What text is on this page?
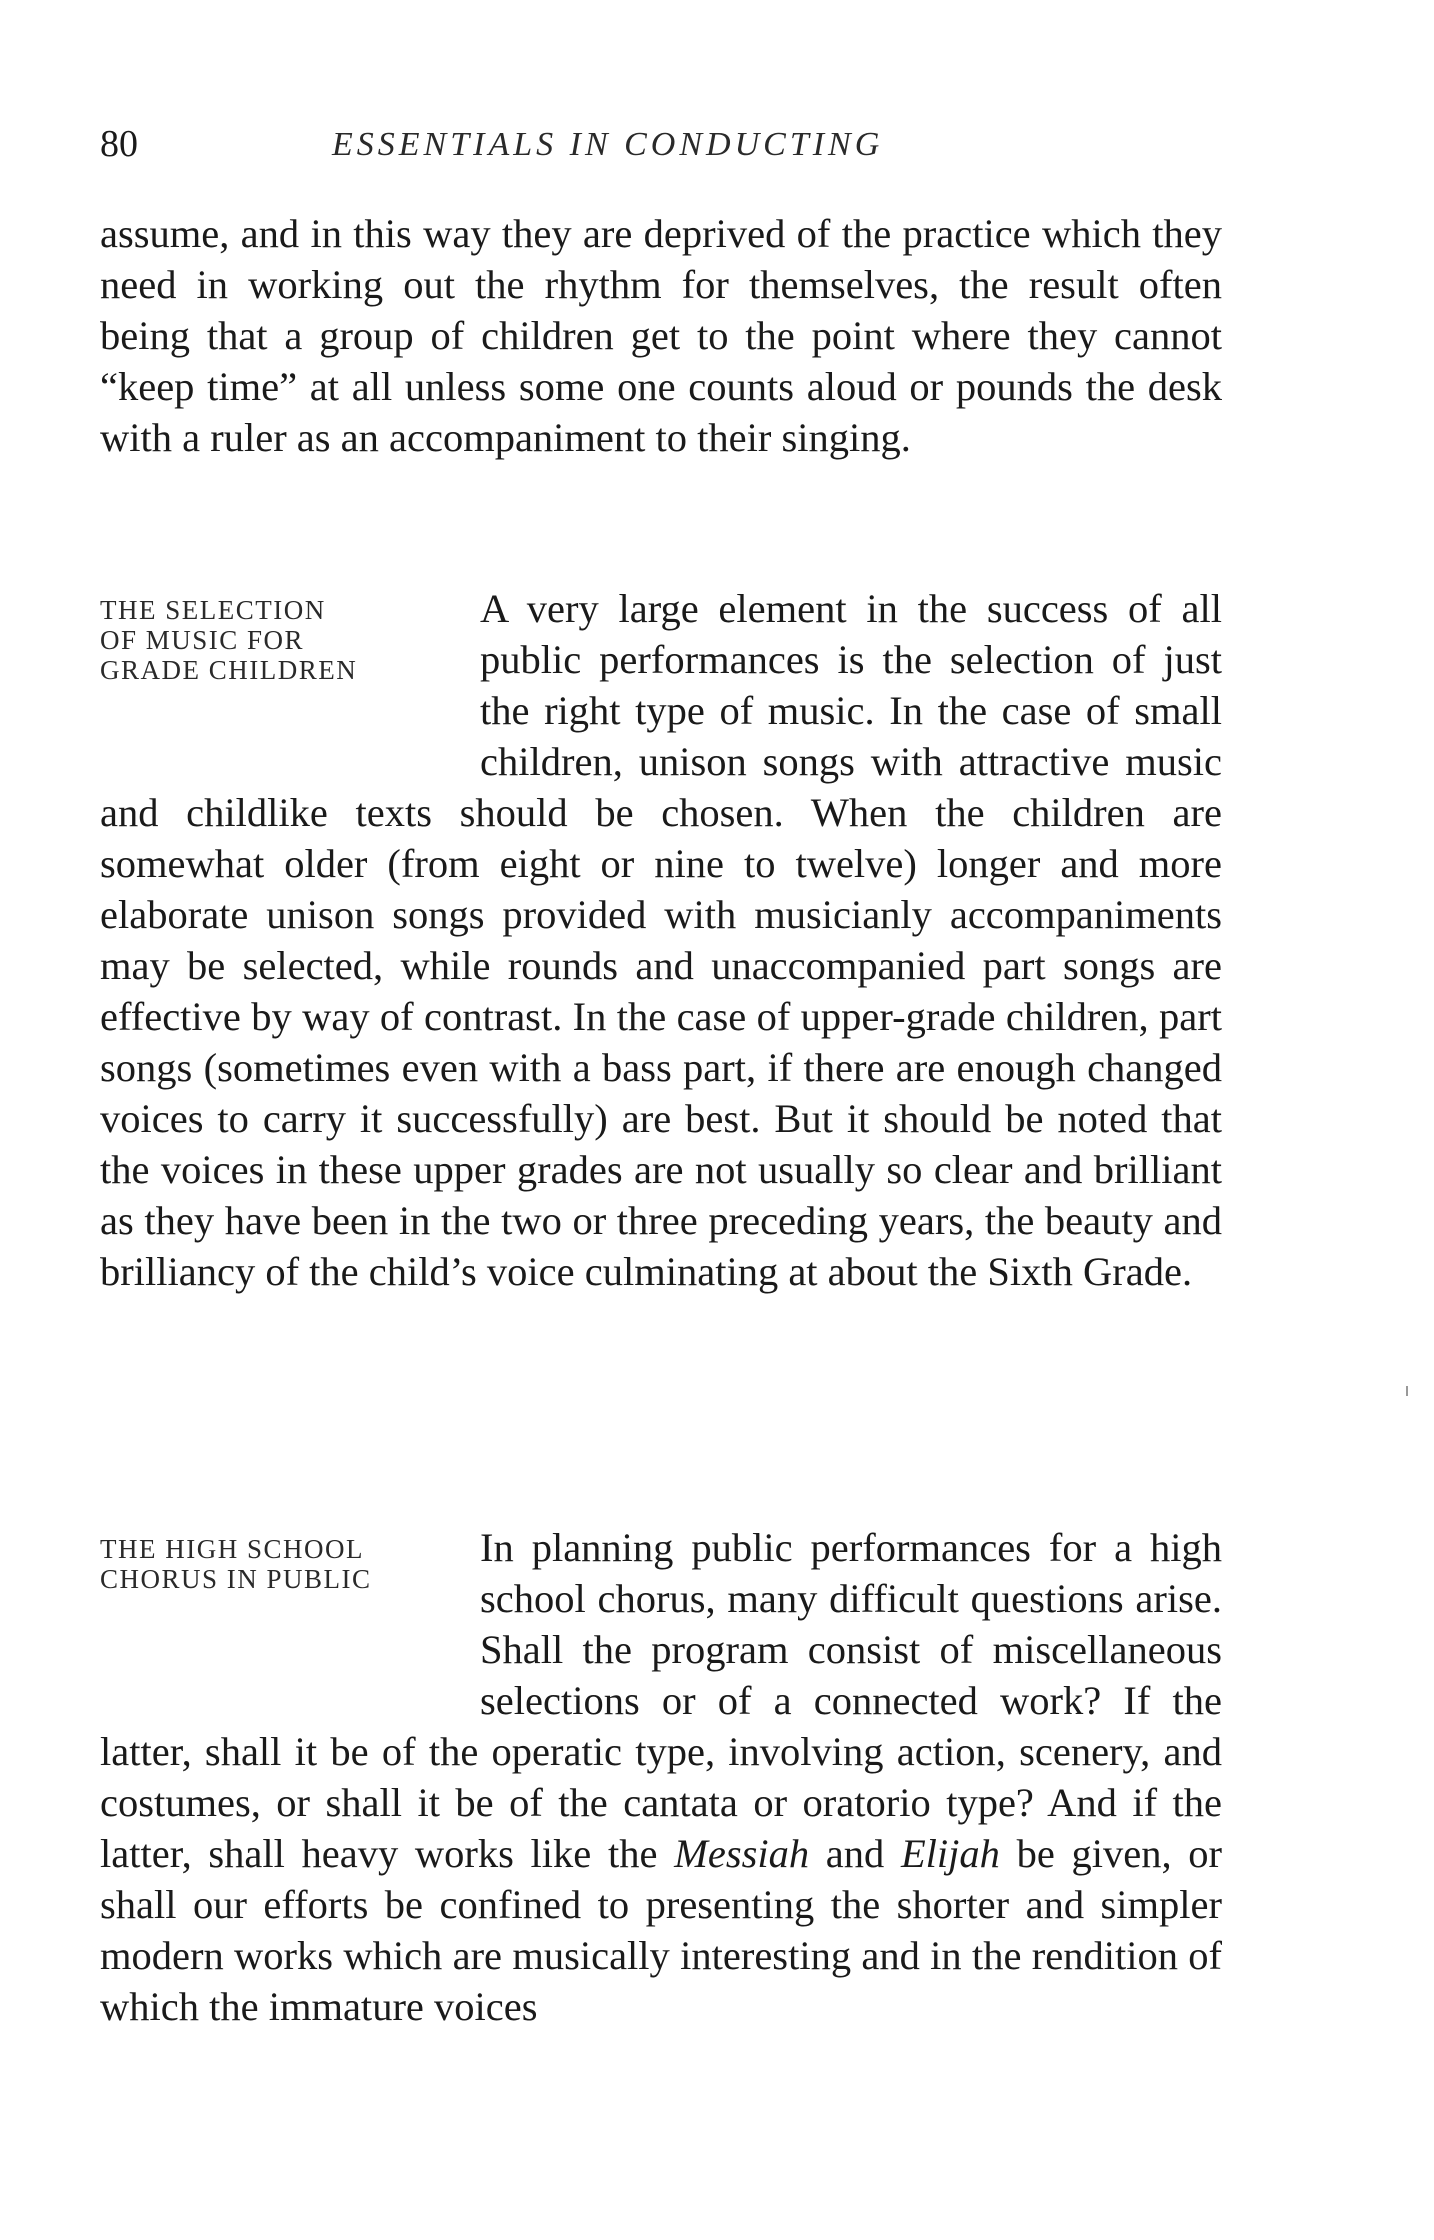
80	ESSENTIALS IN CONDUCTING

assume, and in this way they are deprived of the practice which they need in working out the rhythm for themselves, the result often being that a group of children get to the point where they cannot “keep time” at all unless some one counts aloud or pounds the desk with a ruler as an accompaniment to their singing.

THE SELECTION
OF MUSIC FOR
GRADE CHILDREN

A very large element in the success of all public performances is the selection of just the right type of music. In the case of small children, unison songs with attractive music and childlike texts should be chosen. When the children are somewhat older (from eight or nine to twelve) longer and more elaborate unison songs provided with musicianly accompaniments may be selected, while rounds and unaccompanied part songs are effective by way of contrast. In the case of upper-grade children, part songs (sometimes even with a bass part, if there are enough changed voices to carry it successfully) are best. But it should be noted that the voices in these upper grades are not usually so clear and brilliant as they have been in the two or three preceding years, the beauty and brilliancy of the child’s voice culminating at about the Sixth Grade.

THE HIGH SCHOOL
CHORUS IN PUBLIC

In planning public performances for a high school chorus, many difficult questions arise. Shall the program consist of miscellaneous selections or of a connected work? If the latter, shall it be of the operatic type, involving action, scenery, and costumes, or shall it be of the cantata or oratorio type? And if the latter, shall heavy works like the Messiah and Elijah be given, or shall our efforts be confined to presenting the shorter and simpler modern works which are musically interesting and in the rendition of which the immature voices
